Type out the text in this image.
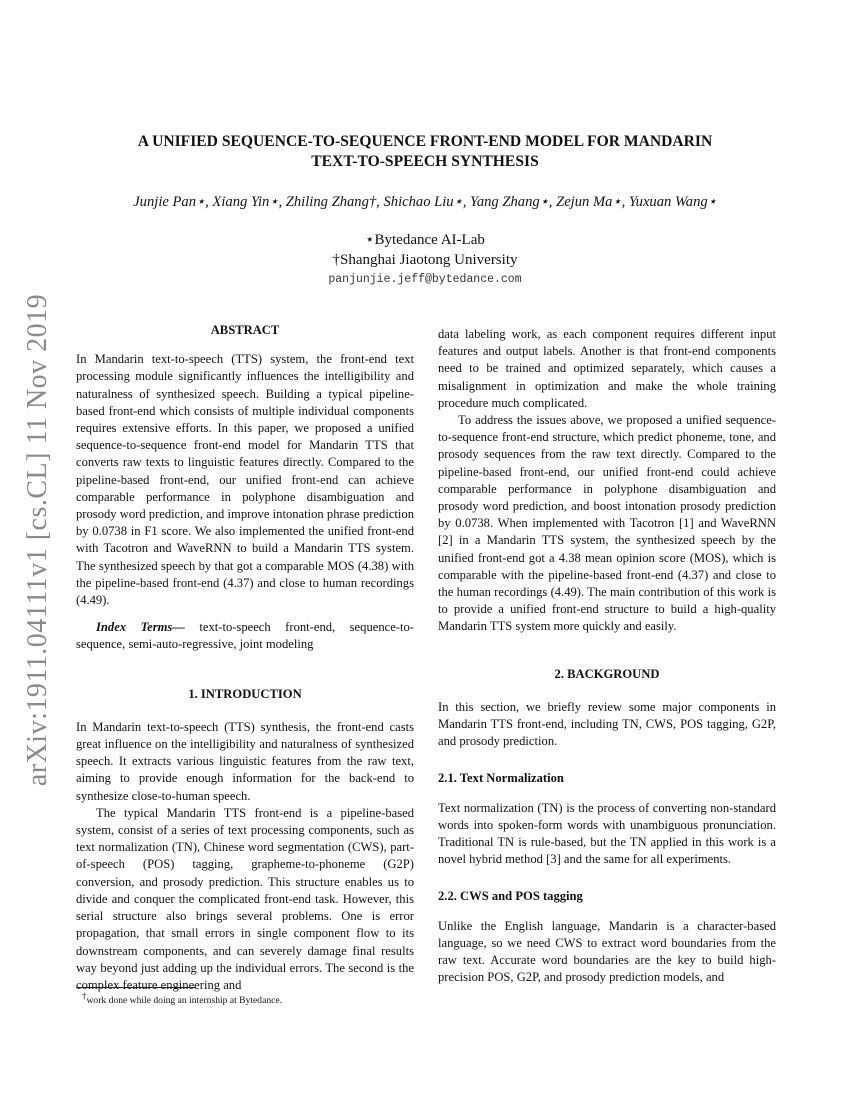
arXiv:1911.04111v1 [cs.CL] 11 Nov 2019
A UNIFIED SEQUENCE-TO-SEQUENCE FRONT-END MODEL FOR MANDARIN
TEXT-TO-SPEECH SYNTHESIS
Junjie Pan⋆, Xiang Yin⋆, Zhiling Zhang†, Shichao Liu⋆, Yang Zhang⋆, Zejun Ma⋆, Yuxuan Wang⋆
⋆Bytedance AI-Lab
†Shanghai Jiaotong University
panjunjie.jeff@bytedance.com
ABSTRACT

In Mandarin text-to-speech (TTS) system, the front-end text processing module significantly influences the intelligibility and naturalness of synthesized speech. Building a typical pipeline-based front-end which consists of multiple individual components requires extensive efforts. In this paper, we proposed a unified sequence-to-sequence front-end model for Mandarin TTS that converts raw texts to linguistic features directly. Compared to the pipeline-based front-end, our unified front-end can achieve comparable performance in polyphone disambiguation and prosody word prediction, and improve intonation phrase prediction by 0.0738 in F1 score. We also implemented the unified front-end with Tacotron and WaveRNN to build a Mandarin TTS system. The synthesized speech by that got a comparable MOS (4.38) with the pipeline-based front-end (4.37) and close to human recordings (4.49).

Index Terms— text-to-speech front-end, sequence-to-sequence, semi-auto-regressive, joint modeling

1. INTRODUCTION

In Mandarin text-to-speech (TTS) synthesis, the front-end casts great influence on the intelligibility and naturalness of synthesized speech. It extracts various linguistic features from the raw text, aiming to provide enough information for the back-end to synthesize close-to-human speech.

The typical Mandarin TTS front-end is a pipeline-based system, consist of a series of text processing components, such as text normalization (TN), Chinese word segmentation (CWS), part-of-speech (POS) tagging, grapheme-to-phoneme (G2P) conversion, and prosody prediction. This structure enables us to divide and conquer the complicated front-end task. However, this serial structure also brings several problems. One is error propagation, that small errors in single component flow to its downstream components, and can severely damage final results way beyond just adding up the individual errors. The second is the complex feature engineering and

data labeling work, as each component requires different input features and output labels. Another is that front-end components need to be trained and optimized separately, which causes a misalignment in optimization and make the whole training procedure much complicated.

To address the issues above, we proposed a unified sequence-to-sequence front-end structure, which predict phoneme, tone, and prosody sequences from the raw text directly. Compared to the pipeline-based front-end, our unified front-end could achieve comparable performance in polyphone disambiguation and prosody word prediction, and boost intonation prosody prediction by 0.0738. When implemented with Tacotron [1] and WaveRNN [2] in a Mandarin TTS system, the synthesized speech by the unified front-end got a 4.38 mean opinion score (MOS), which is comparable with the pipeline-based front-end (4.37) and close to the human recordings (4.49). The main contribution of this work is to provide a unified front-end structure to build a high-quality Mandarin TTS system more quickly and easily.

2. BACKGROUND

In this section, we briefly review some major components in Mandarin TTS front-end, including TN, CWS, POS tagging, G2P, and prosody prediction.

2.1. Text Normalization

Text normalization (TN) is the process of converting non-standard words into spoken-form words with unambiguous pronunciation. Traditional TN is rule-based, but the TN applied in this work is a novel hybrid method [3] and the same for all experiments.

2.2. CWS and POS tagging

Unlike the English language, Mandarin is a character-based language, so we need CWS to extract word boundaries from the raw text. Accurate word boundaries are the key to build high-precision POS, G2P, and prosody prediction models, and

†work done while doing an internship at Bytedance.
